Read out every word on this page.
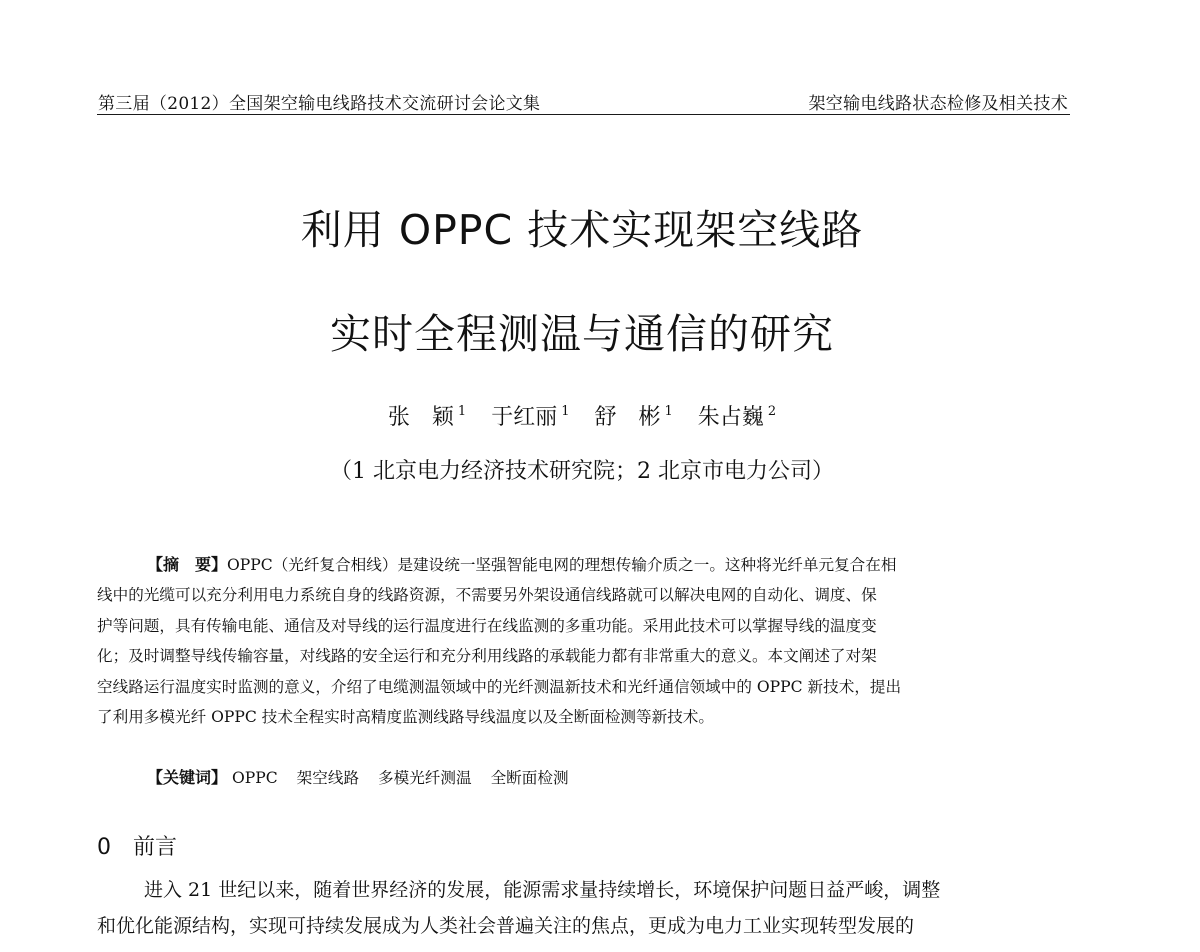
第三届（2012）全国架空输电线路技术交流研讨会论文集	架空输电线路状态检修及相关技术
利用 OPPC 技术实现架空线路
实时全程测温与通信的研究
张　颖 $^1$ 于红丽 $^1$ 舒　彬 $^1$ 朱占巍 $^2$
（1 北京电力经济技术研究院；2 北京市电力公司）
【摘　要】OPPC（光纤复合相线）是建设统一坚强智能电网的理想传输介质之一。这种将光纤单元复合在相
线中的光缆可以充分利用电力系统自身的线路资源，不需要另外架设通信线路就可以解决电网的自动化、调度、保
护等问题，具有传输电能、通信及对导线的运行温度进行在线监测的多重功能。采用此技术可以掌握导线的温度变
化；及时调整导线传输容量，对线路的安全运行和充分利用线路的承载能力都有非常重大的意义。本文阐述了对架
空线路运行温度实时监测的意义，介绍了电缆测温领域中的光纤测温新技术和光纤通信领域中的 OPPC 新技术，提出
了利用多模光纤 OPPC 技术全程实时高精度监测线路导线温度以及全断面检测等新技术。
【关键词】 OPPC 架空线路 多模光纤测温 全断面检测
0 前言
进入 21 世纪以来，随着世界经济的发展，能源需求量持续增长，环境保护问题日益严峻，调整
和优化能源结构，实现可持续发展成为人类社会普遍关注的焦点，更成为电力工业实现转型发展的
